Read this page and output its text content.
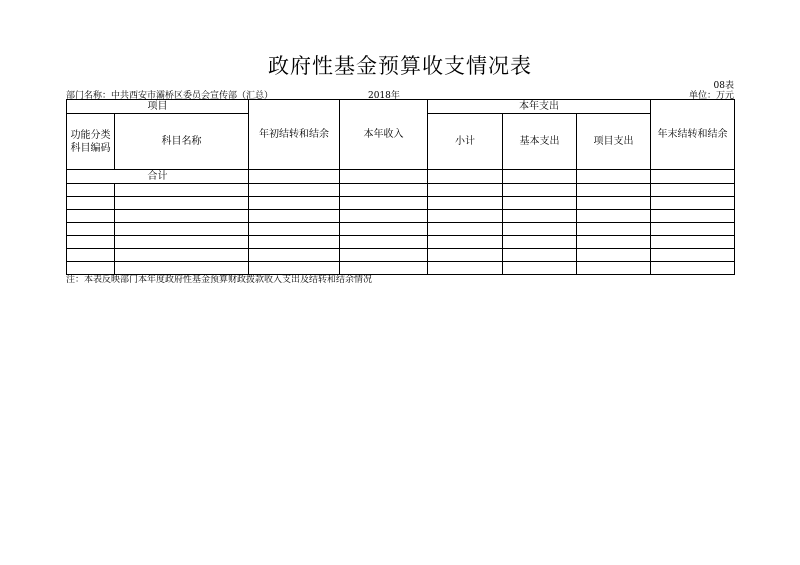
政府性基金预算收支情况表
08表
部门名称：中共西安市灞桥区委员会宣传部（汇总）	2018年	单位：万元
项目		年初结转和结余	本年收入	本年支出			年末结转和结余
功能分类科目编码	科目名称			小计	基本支出	项目支出	
合计							

注：本表反映部门本年度政府性基金预算财政拨款收入支出及结转和结余情况
